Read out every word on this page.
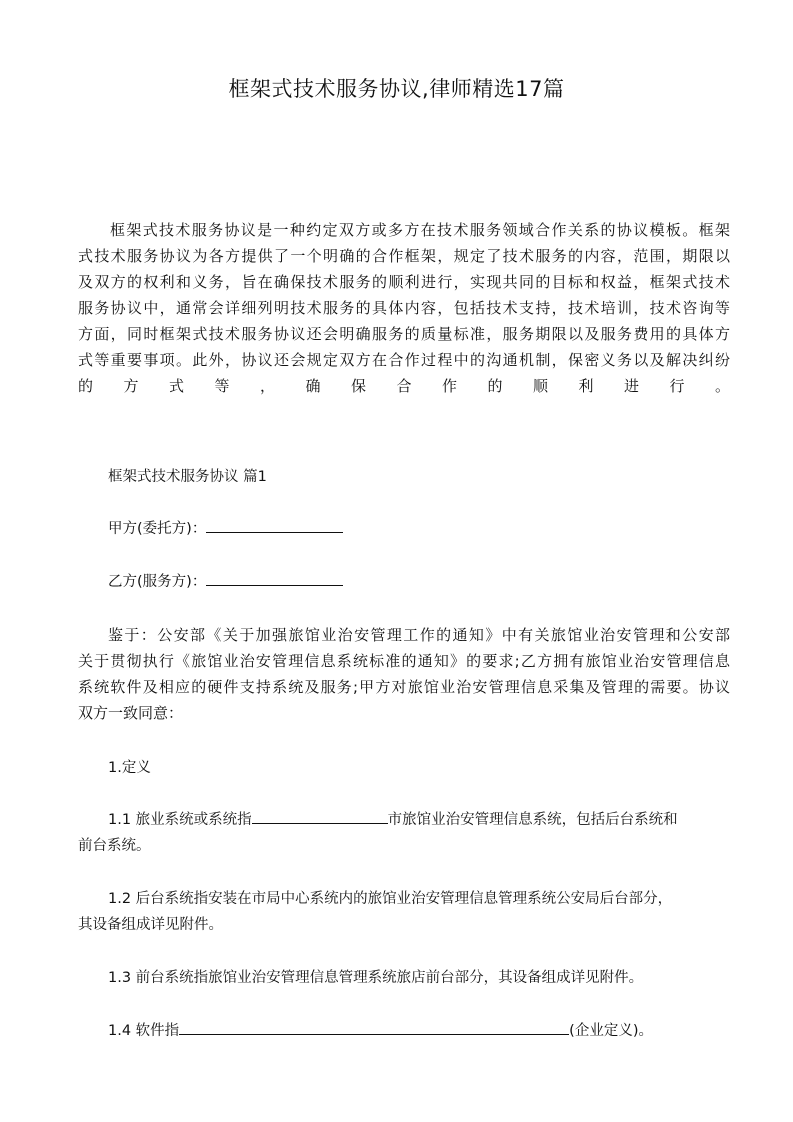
框架式技术服务协议,律师精选17篇
框架式技术服务协议是一种约定双方或多方在技术服务领域合作关系的协议模板。框架
式技术服务协议为各方提供了一个明确的合作框架，规定了技术服务的内容，范围，期限以
及双方的权利和义务，旨在确保技术服务的顺利进行，实现共同的目标和权益，框架式技术
服务协议中，通常会详细列明技术服务的具体内容，包括技术支持，技术培训，技术咨询等
方面，同时框架式技术服务协议还会明确服务的质量标准，服务期限以及服务费用的具体方
式等重要事项。此外，协议还会规定双方在合作过程中的沟通机制，保密义务以及解决纠纷
的方式等，确保合作的顺利进行。
框架式技术服务协议 篇1
甲方(委托方)：
乙方(服务方)：
鉴于：公安部《关于加强旅馆业治安管理工作的通知》中有关旅馆业治安管理和公安部
关于贯彻执行《旅馆业治安管理信息系统标准的通知》的要求;乙方拥有旅馆业治安管理信息
系统软件及相应的硬件支持系统及服务;甲方对旅馆业治安管理信息采集及管理的需要。协议
双方一致同意：
1.定义
1.1 旅业系统或系统指	市旅馆业治安管理信息系统，包括后台系统和
前台系统。
1.2 后台系统指安装在市局中心系统内的旅馆业治安管理信息管理系统公安局后台部分，
其设备组成详见附件。
1.3 前台系统指旅馆业治安管理信息管理系统旅店前台部分，其设备组成详见附件。
1.4 软件指	(企业定义)。
